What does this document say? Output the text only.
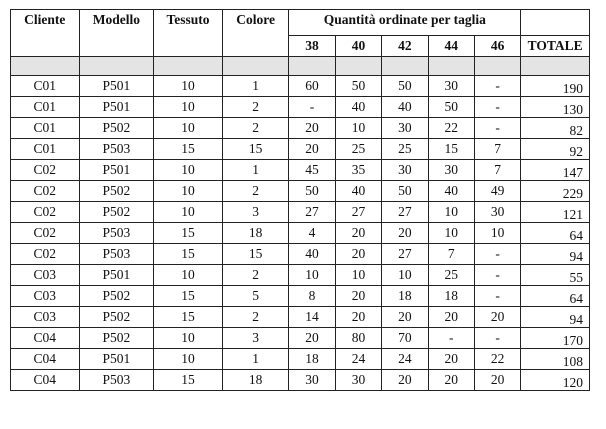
Cliente	Modello	Tessuto	Colore	Quantità ordinate per taglia					
				38	40	42	44	46	TOTALE

C01	P501	10	1	60	50	50	30	-	190
C01	P501	10	2	-	40	40	50	-	130
C01	P502	10	2	20	10	30	22	-	82
C01	P503	15	15	20	25	25	15	7	92
C02	P501	10	1	45	35	30	30	7	147
C02	P502	10	2	50	40	50	40	49	229
C02	P502	10	3	27	27	27	10	30	121
C02	P503	15	18	4	20	20	10	10	64
C02	P503	15	15	40	20	27	7	-	94
C03	P501	10	2	10	10	10	25	-	55
C03	P502	15	5	8	20	18	18	-	64
C03	P502	15	2	14	20	20	20	20	94
C04	P502	10	3	20	80	70	-	-	170
C04	P501	10	1	18	24	24	20	22	108
C04	P503	15	18	30	30	20	20	20	120
